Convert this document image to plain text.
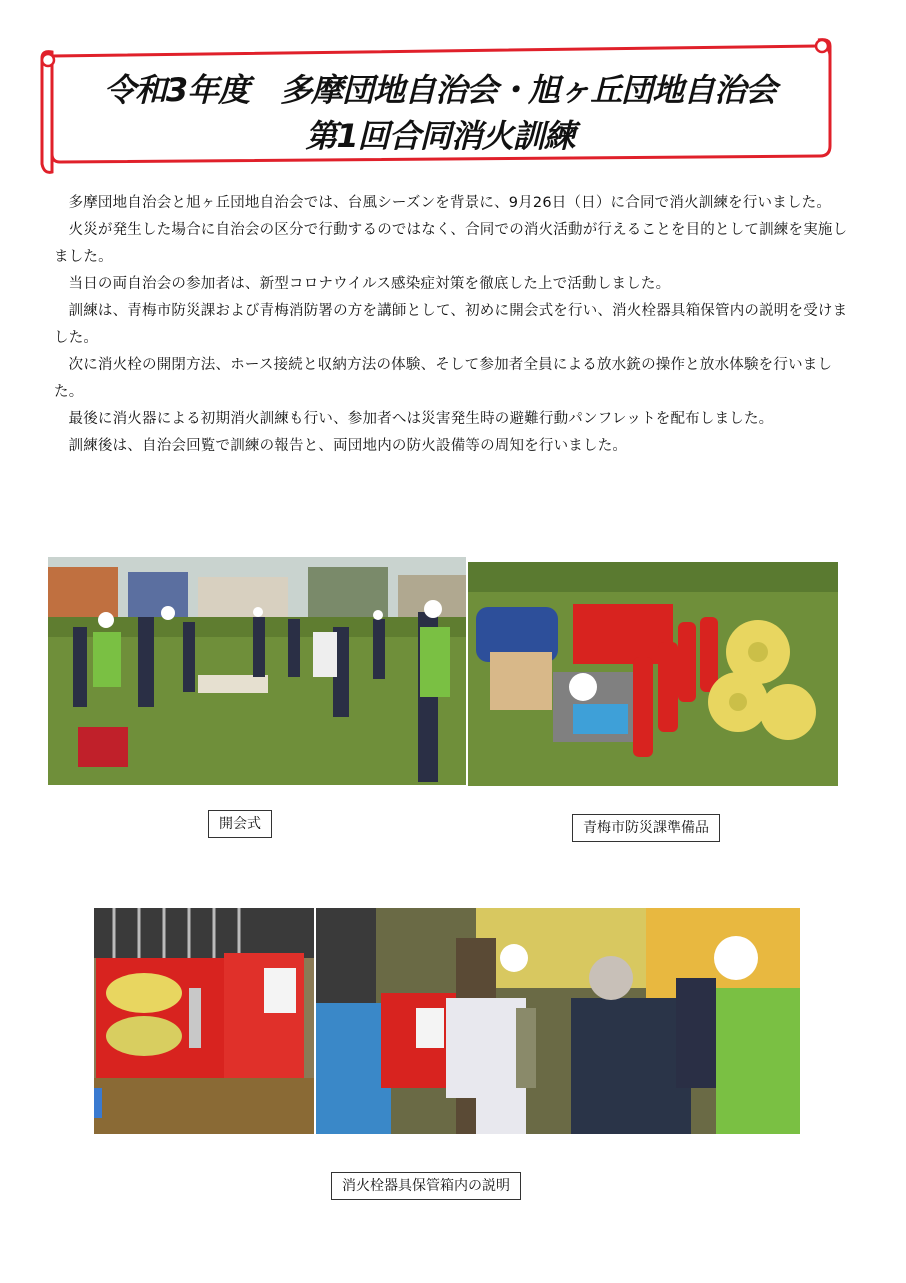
令和3年度　多摩団地自治会・旭ヶ丘団地自治会
第1回合同消火訓練

多摩団地自治会と旭ヶ丘団地自治会では、台風シーズンを背景に、9月26日（日）に合同で消火訓練を行いました。

火災が発生した場合に自治会の区分で行動するのではなく、合同での消火活動が行えることを目的として訓練を実施しました。

当日の両自治会の参加者は、新型コロナウイルス感染症対策を徹底した上で活動しました。

訓練は、青梅市防災課および青梅消防署の方を講師として、初めに開会式を行い、消火栓器具箱保管内の説明を受けました。

次に消火栓の開閉方法、ホース接続と収納方法の体験、そして参加者全員による放水銃の操作と放水体験を行いました。

最後に消火器による初期消火訓練も行い、参加者へは災害発生時の避難行動パンフレットを配布しました。

訓練後は、自治会回覧で訓練の報告と、両団地内の防火設備等の周知を行いました。

開会式	青梅市防災課準備品
消火栓器具保管箱内の説明
